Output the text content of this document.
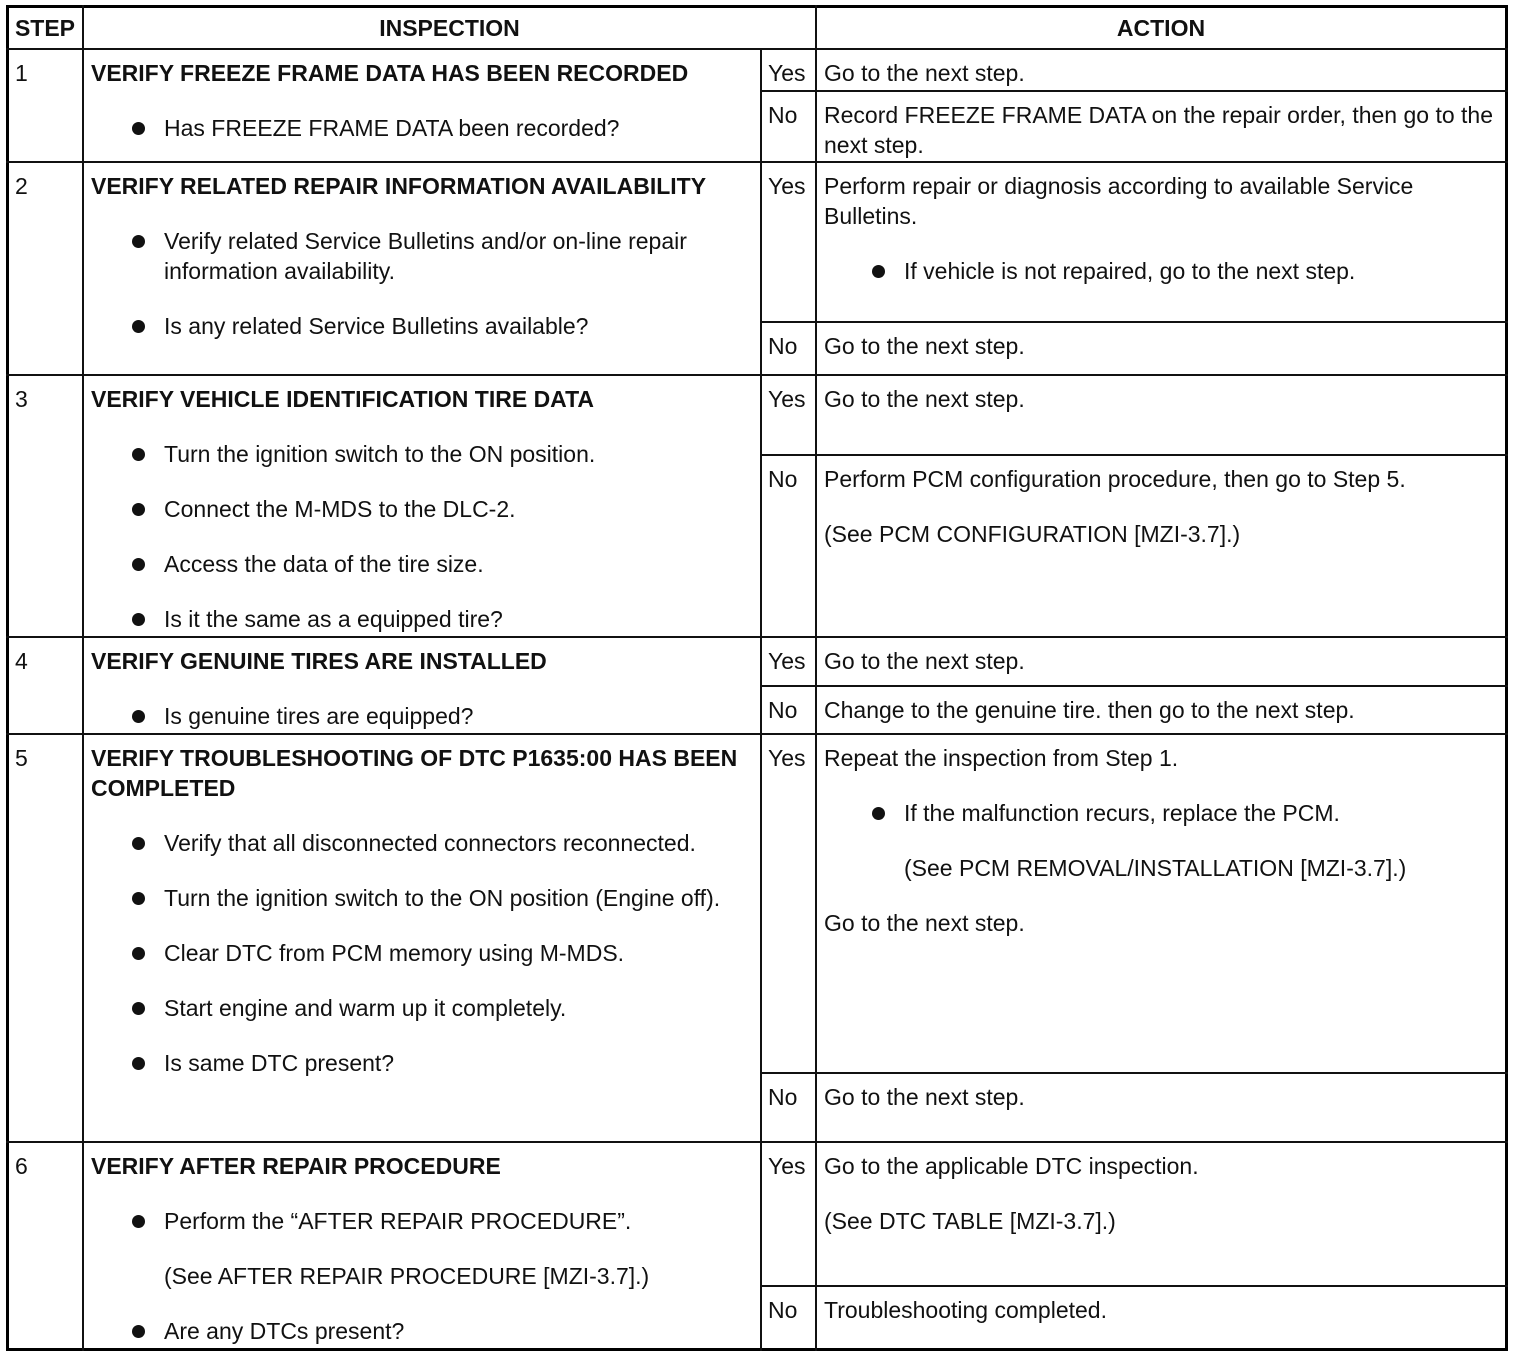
STEP	INSPECTION	ACTION
1	VERIFY FREEZE FRAME DATA HAS BEEN RECORDED
Has FREEZE FRAME DATA been recorded?
Yes Go to the next step.
No	Record FREEZE FRAME DATA on the repair order, then go to the next step.
2	VERIFY RELATED REPAIR INFORMATION AVAILABILITY
Verify related Service Bulletins and/or on-line repair information availability.
Is any related Service Bulletins available?
Yes Perform repair or diagnosis according to available Service Bulletins.
If vehicle is not repaired, go to the next step.
No	Go to the next step.
3	VERIFY VEHICLE IDENTIFICATION TIRE DATA
Turn the ignition switch to the ON position.
Connect the M-MDS to the DLC-2.
Access the data of the tire size.
Is it the same as a equipped tire?
Yes Go to the next step.
No	Perform PCM configuration procedure, then go to Step 5.
(See PCM CONFIGURATION [MZI-3.7].)
4	VERIFY GENUINE TIRES ARE INSTALLED
Is genuine tires are equipped?
Yes Go to the next step.
No	Change to the genuine tire. then go to the next step.
5	VERIFY TROUBLESHOOTING OF DTC P1635:00 HAS BEEN COMPLETED
Verify that all disconnected connectors reconnected.
Turn the ignition switch to the ON position (Engine off).
Clear DTC from PCM memory using M-MDS.
Start engine and warm up it completely.
Is same DTC present?
Yes Repeat the inspection from Step 1.
If the malfunction recurs, replace the PCM.
(See PCM REMOVAL/INSTALLATION [MZI-3.7].)
Go to the next step.
No	Go to the next step.
6	VERIFY AFTER REPAIR PROCEDURE
Perform the “AFTER REPAIR PROCEDURE”.
(See AFTER REPAIR PROCEDURE [MZI-3.7].)
Are any DTCs present?
Yes Go to the applicable DTC inspection.
(See DTC TABLE [MZI-3.7].)
No	Troubleshooting completed.
